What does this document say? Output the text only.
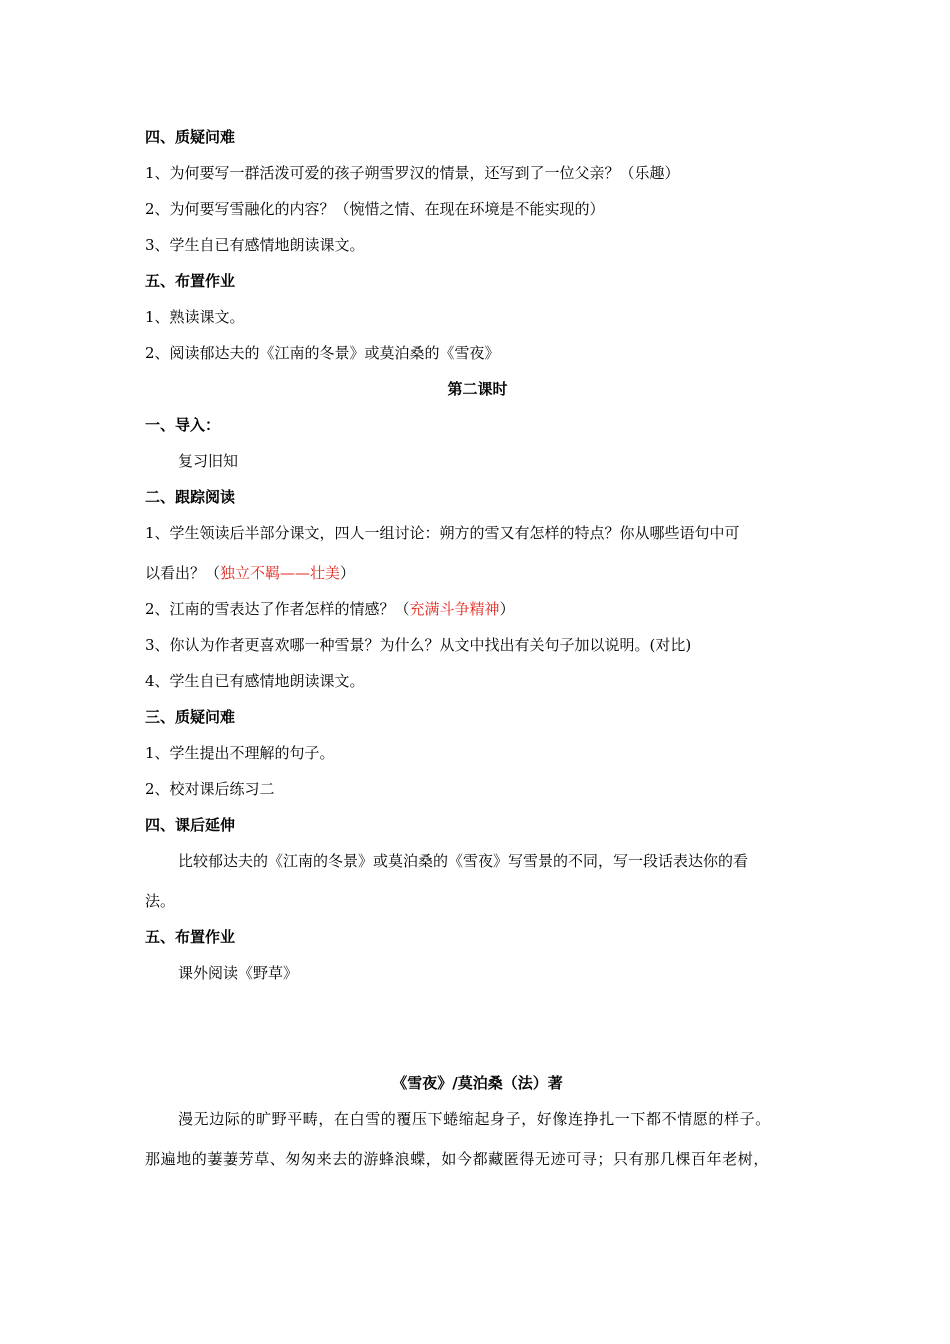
四、质疑问难
1、为何要写一群活泼可爱的孩子朔雪罗汉的情景，还写到了一位父亲？（乐趣）
2、为何要写雪融化的内容？（惋惜之情、在现在环境是不能实现的）
3、学生自已有感情地朗读课文。
五、布置作业
1、熟读课文。
2、阅读郁达夫的《江南的冬景》或莫泊桑的《雪夜》
第二课时
一、导入：
复习旧知
二、跟踪阅读
1、学生领读后半部分课文，四人一组讨论：朔方的雪又有怎样的特点？你从哪些语句中可
以看出？（独立不羁——壮美）
2、江南的雪表达了作者怎样的情感？（充满斗争精神）
3、你认为作者更喜欢哪一种雪景？为什么？从文中找出有关句子加以说明。(对比)
4、学生自已有感情地朗读课文。
三、质疑问难
1、学生提出不理解的句子。
2、校对课后练习二
四、课后延伸
比较郁达夫的《江南的冬景》或莫泊桑的《雪夜》写雪景的不同，写一段话表达你的看
法。
五、布置作业
课外阅读《野草》
《雪夜》/莫泊桑（法）著
漫无边际的旷野平畴，在白雪的覆压下蜷缩起身子，好像连挣扎一下都不情愿的样子。
那遍地的萋萋芳草、匆匆来去的游蜂浪蝶，如今都藏匿得无迹可寻；只有那几棵百年老树，
